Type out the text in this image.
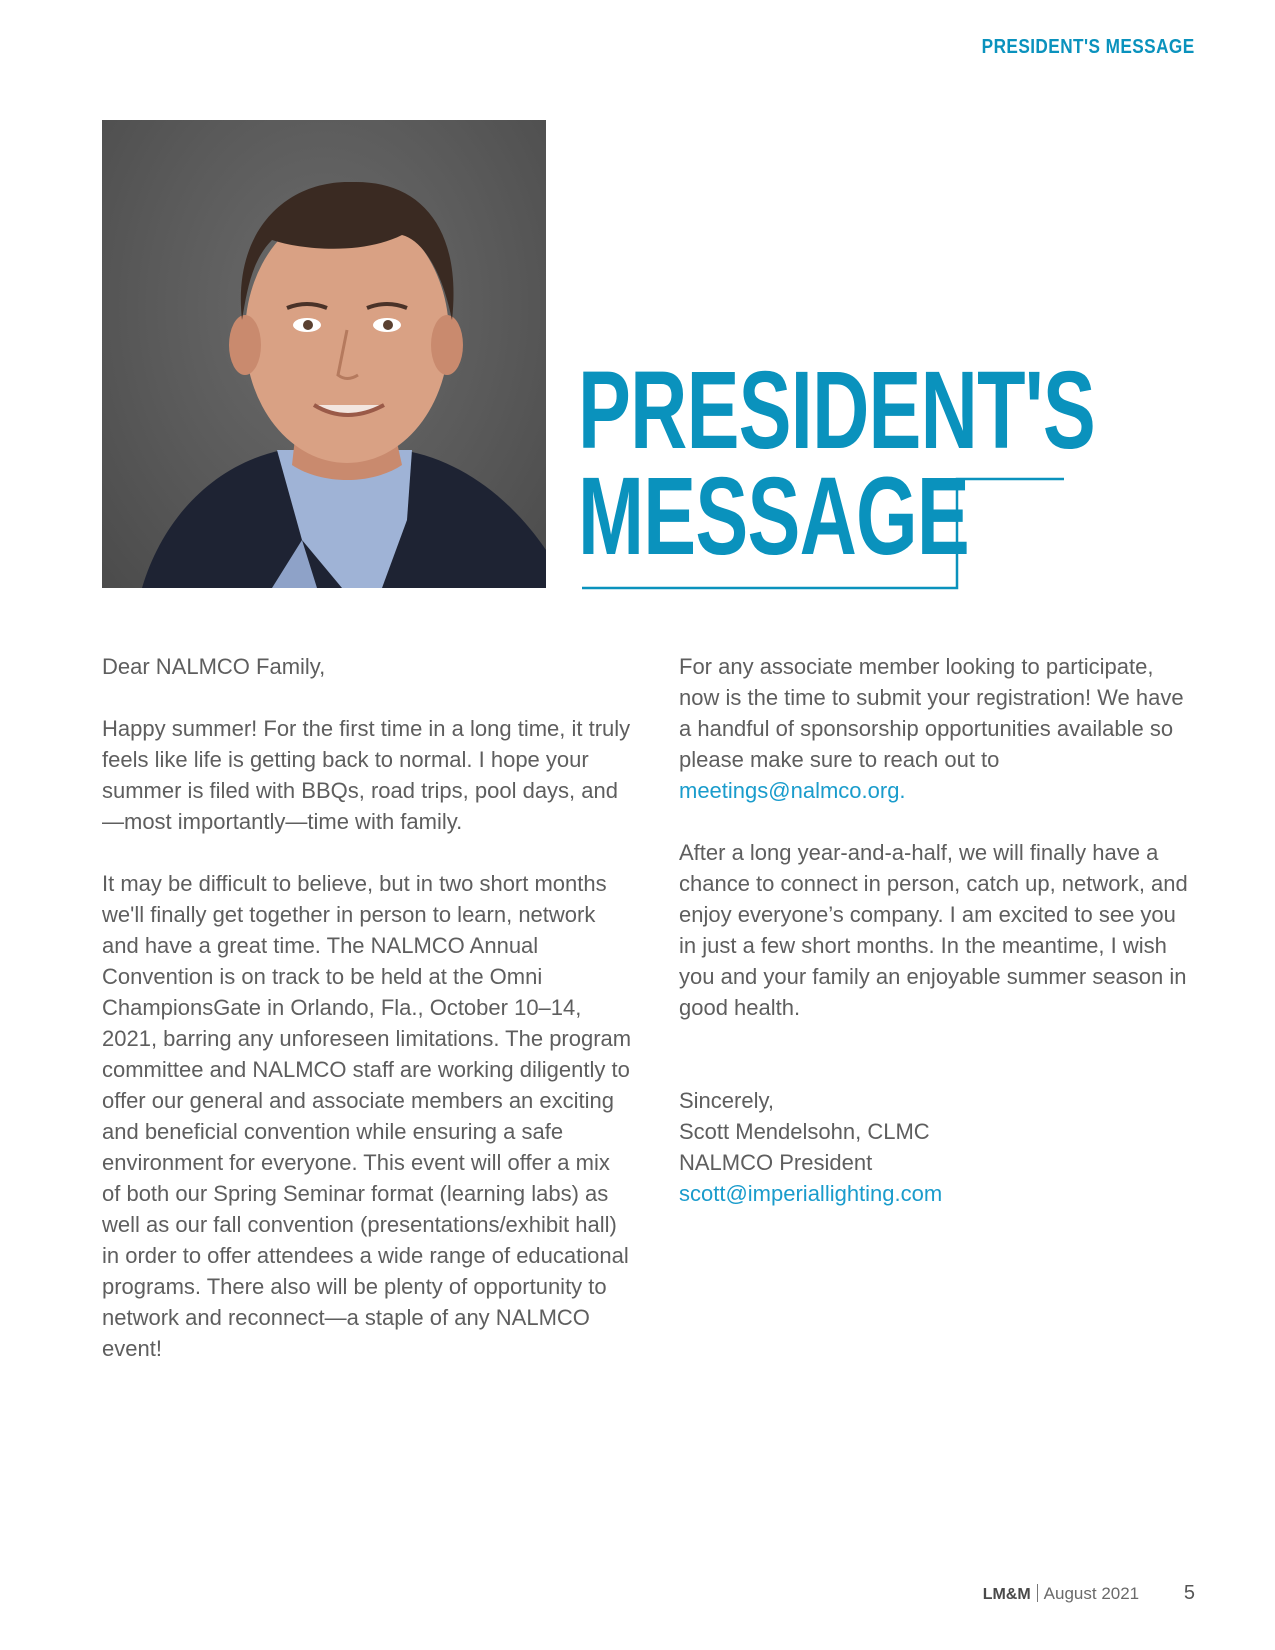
PRESIDENT'S MESSAGE
PRESIDENT'S
MESSAGE

Dear NALMCO Family,

Happy summer! For the first time in a long time, it truly feels like life is getting back to normal. I hope your summer is filed with BBQs, road trips, pool days, and—most importantly—time with family.

It may be difficult to believe, but in two short months we'll finally get together in person to learn, network and have a great time. The NALMCO Annual Convention is on track to be held at the Omni ChampionsGate in Orlando, Fla., October 10–14, 2021, barring any unforeseen limitations. The program committee and NALMCO staff are working diligently to offer our general and associate members an exciting and beneficial convention while ensuring a safe environment for everyone. This event will offer a mix of both our Spring Seminar format (learning labs) as well as our fall convention (presentations/exhibit hall) in order to offer attendees a wide range of educational programs. There also will be plenty of opportunity to network and reconnect—a staple of any NALMCO event!

For any associate member looking to participate, now is the time to submit your registration! We have a handful of sponsorship opportunities available so please make sure to reach out to meetings@nalmco.org.

After a long year-and-a-half, we will finally have a chance to connect in person, catch up, network, and enjoy everyone’s company. I am excited to see you in just a few short months. In the meantime, I wish you and your family an enjoyable summer season in good health.

Sincerely,
Scott Mendelsohn, CLMC
NALMCO President
scott@imperiallighting.com

LM&M August 2021 5
